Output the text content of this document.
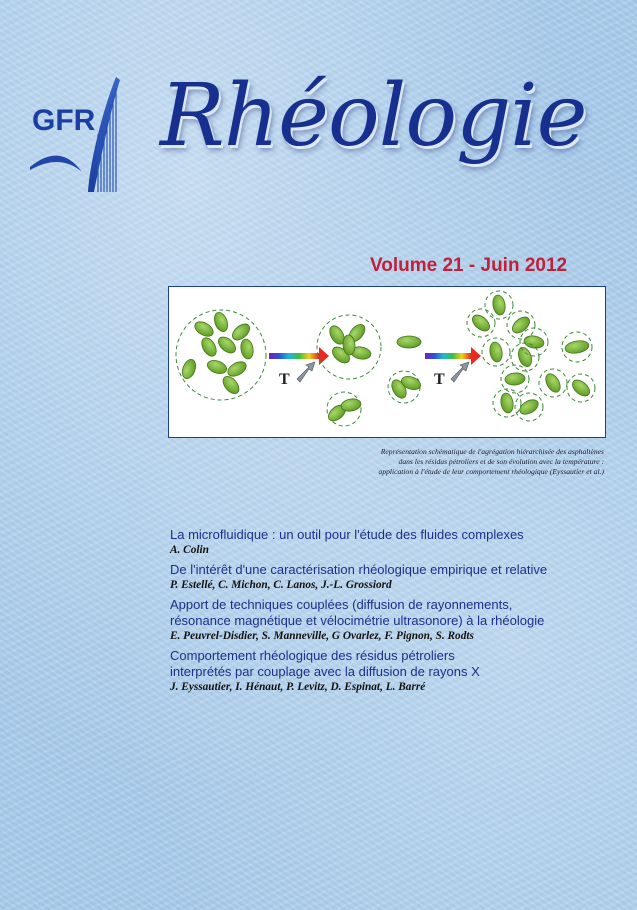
GFR Rhéologie
Volume 21 - Juin 2012
T	T
Représentation schématique de l'agrégation hiérarchisée des asphaltènes
dans les résidus pétroliers et de son évolution avec la température :
application à l'étude de leur comportement rhéologique (Eyssautier et al.)
La microfluidique : un outil pour l'étude des fluides complexes
A. Colin
De l'intérêt d'une caractérisation rhéologique empirique et relative
P. Estellé, C. Michon, C. Lanos, J.-L. Grossiord
Apport de techniques couplées (diffusion de rayonnements,
résonance magnétique et vélocimétrie ultrasonore) à la rhéologie
E. Peuvrel-Disdier, S. Manneville, G Ovarlez, F. Pignon, S. Rodts
Comportement rhéologique des résidus pétroliers
interprétés par couplage avec la diffusion de rayons X
J. Eyssautier, I. Hénaut, P. Levitz, D. Espinat, L. Barré
